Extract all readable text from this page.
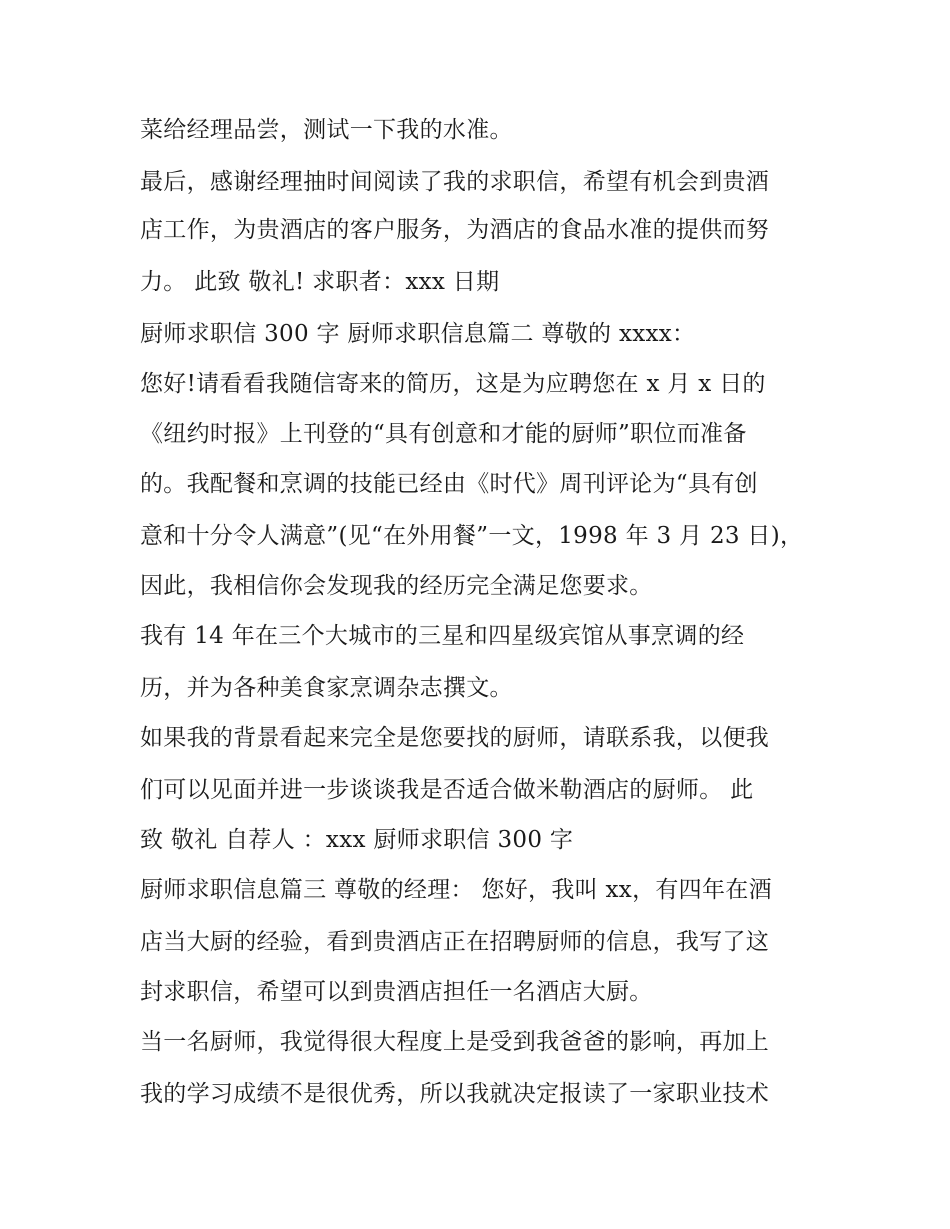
菜给经理品尝，测试一下我的水准。

最后，感谢经理抽时间阅读了我的求职信，希望有机会到贵酒

店工作，为贵酒店的客户服务，为酒店的食品水准的提供而努

力。 此致 敬礼! 求职者：xxx 日期

厨师求职信 300 字 厨师求职信息篇二 尊敬的 xxxx：

您好!请看看我随信寄来的简历，这是为应聘您在 x 月 x 日的

《纽约时报》上刊登的“具有创意和才能的厨师”职位而准备

的。我配餐和烹调的技能已经由《时代》周刊评论为“具有创

意和十分令人满意”(见“在外用餐”一文，1998 年 3 月 23 日)，

因此，我相信你会发现我的经历完全满足您要求。

我有 14 年在三个大城市的三星和四星级宾馆从事烹调的经

历，并为各种美食家烹调杂志撰文。

如果我的背景看起来完全是您要找的厨师，请联系我，以便我

们可以见面并进一步谈谈我是否适合做米勒酒店的厨师。 此

致 敬礼 自荐人 ：xxx 厨师求职信 300 字

厨师求职信息篇三 尊敬的经理： 您好，我叫 xx，有四年在酒

店当大厨的经验，看到贵酒店正在招聘厨师的信息，我写了这

封求职信，希望可以到贵酒店担任一名酒店大厨。

当一名厨师，我觉得很大程度上是受到我爸爸的影响，再加上

我的学习成绩不是很优秀，所以我就决定报读了一家职业技术
